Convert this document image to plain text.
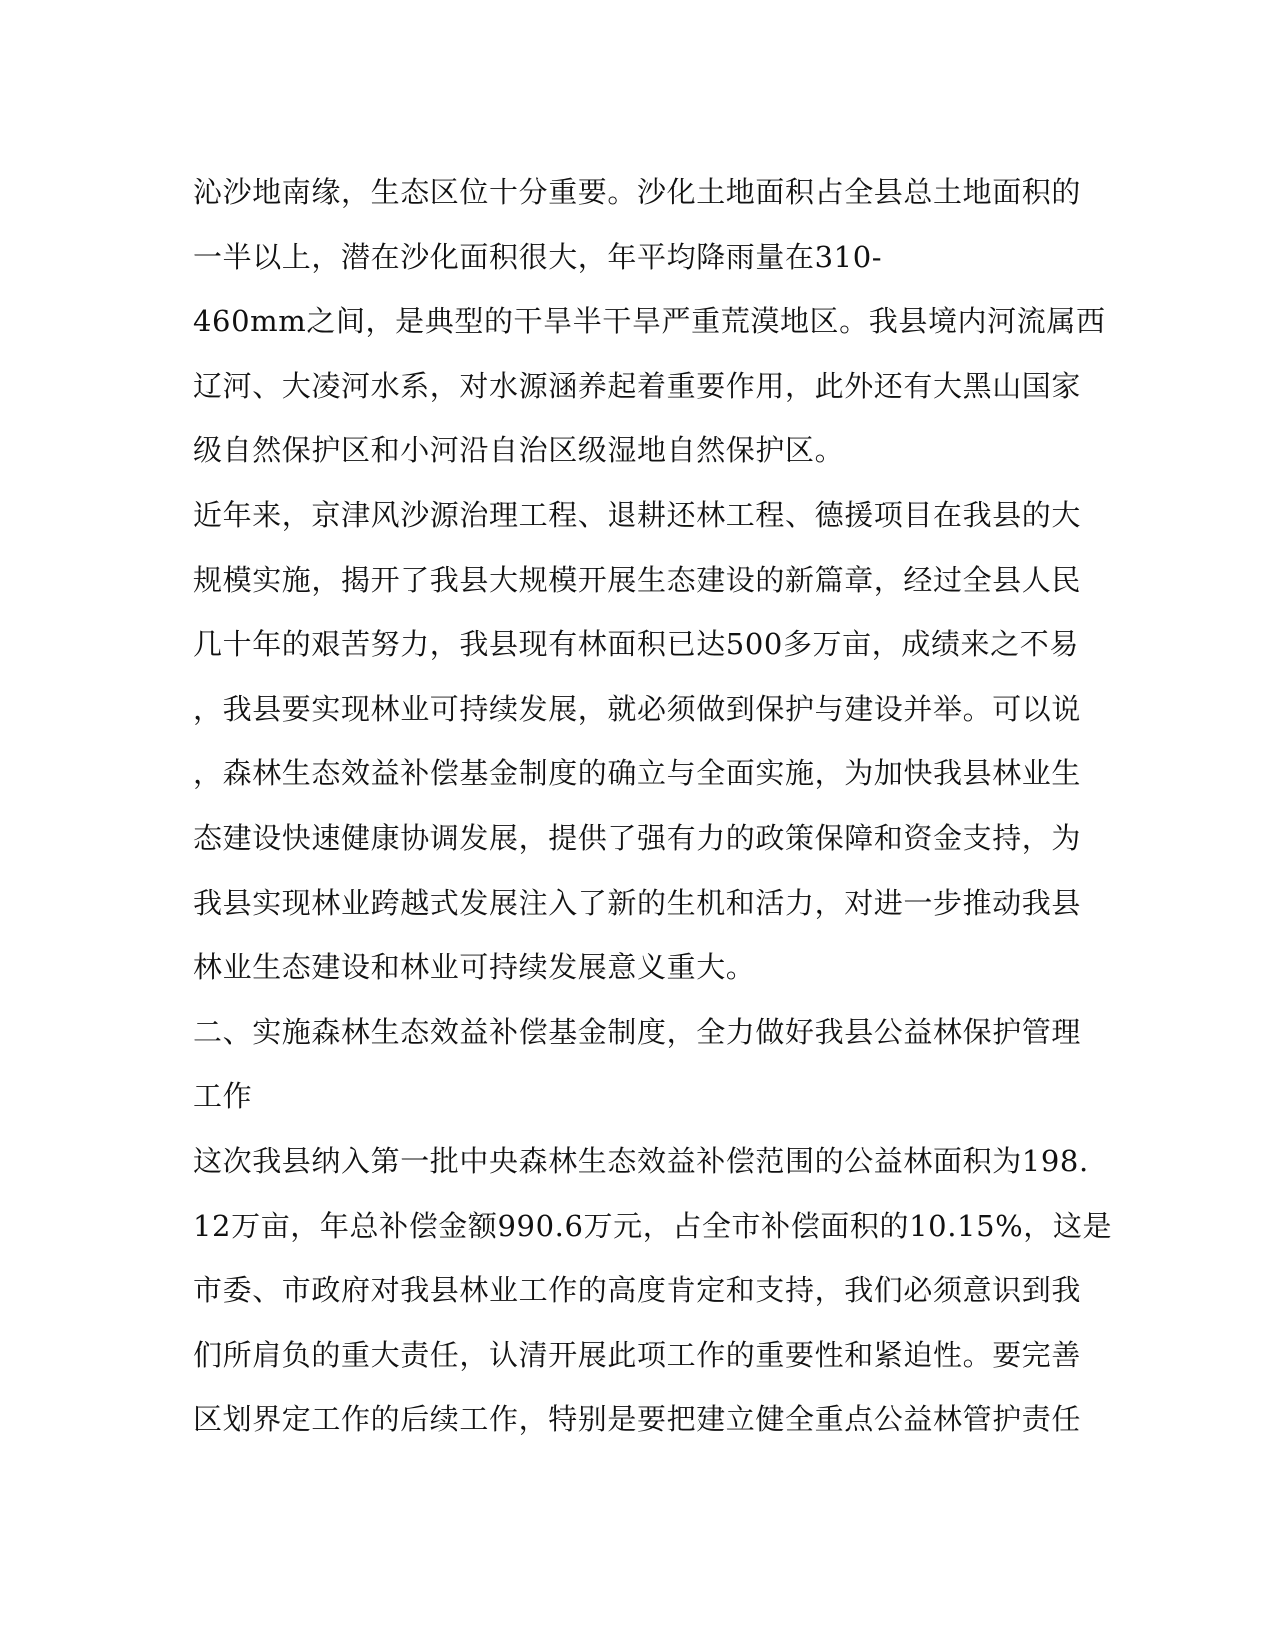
沁沙地南缘，生态区位十分重要。沙化土地面积占全县总土地面积的
一半以上，潜在沙化面积很大，年平均降雨量在310-
460mm之间，是典型的干旱半干旱严重荒漠地区。我县境内河流属西
辽河、大凌河水系，对水源涵养起着重要作用，此外还有大黑山国家
级自然保护区和小河沿自治区级湿地自然保护区。
近年来，京津风沙源治理工程、退耕还林工程、德援项目在我县的大
规模实施，揭开了我县大规模开展生态建设的新篇章，经过全县人民
几十年的艰苦努力，我县现有林面积已达500多万亩，成绩来之不易
，我县要实现林业可持续发展，就必须做到保护与建设并举。可以说
，森林生态效益补偿基金制度的确立与全面实施，为加快我县林业生
态建设快速健康协调发展，提供了强有力的政策保障和资金支持，为
我县实现林业跨越式发展注入了新的生机和活力，对进一步推动我县
林业生态建设和林业可持续发展意义重大。
二、实施森林生态效益补偿基金制度，全力做好我县公益林保护管理
工作
这次我县纳入第一批中央森林生态效益补偿范围的公益林面积为198.
12万亩，年总补偿金额990.6万元，占全市补偿面积的10.15%，这是
市委、市政府对我县林业工作的高度肯定和支持，我们必须意识到我
们所肩负的重大责任，认清开展此项工作的重要性和紧迫性。要完善
区划界定工作的后续工作，特别是要把建立健全重点公益林管护责任
